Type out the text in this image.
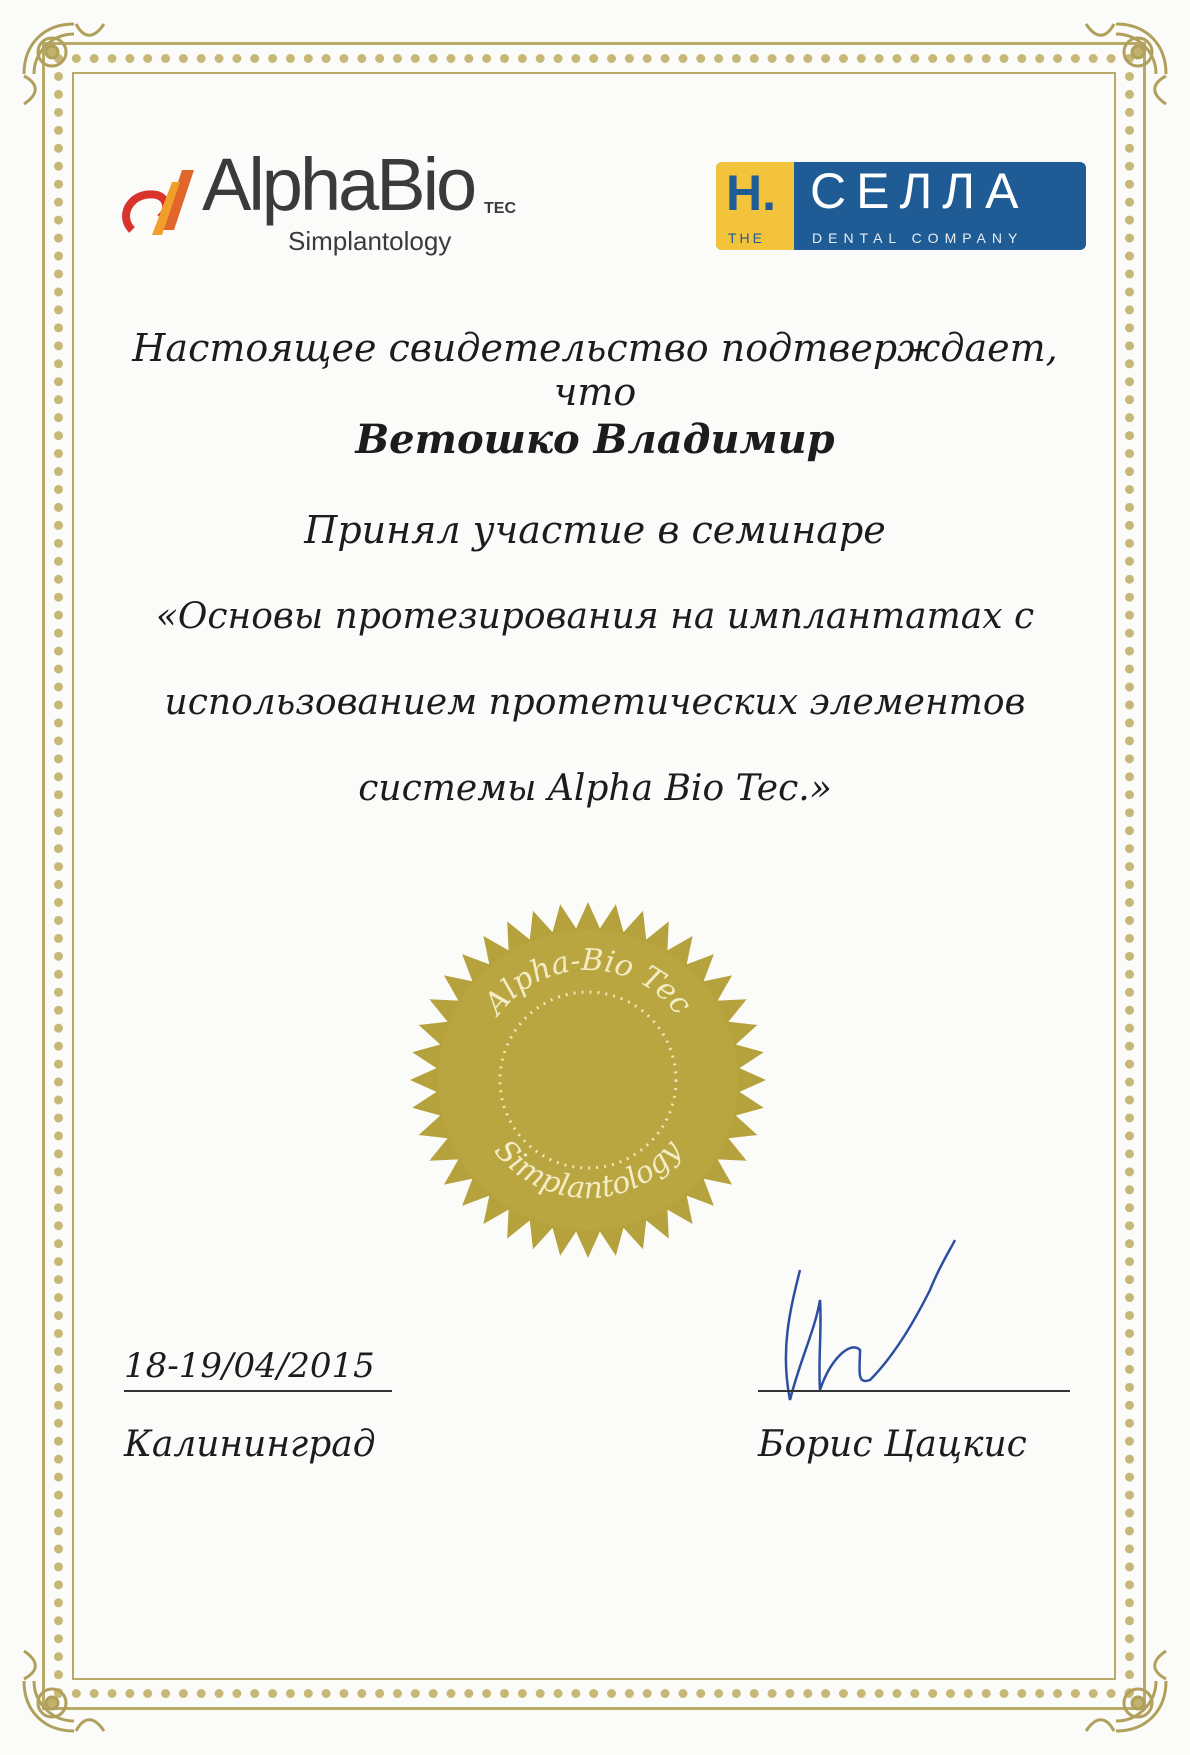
AlphaBio TEC
Simplantology
Н. СЕЛЛА
THE	DENTAL COMPANY
Настоящее свидетельство подтверждает, что
Ветошко Владимир
Принял участие в семинаре
«Основы протезирования на имплантатах с
использованием протетических элементов
системы Alpha Bio Tec.»
Alpha-Bio Tec
Simplantology
18-19/04/2015
Калининград	Борис Цацкис
